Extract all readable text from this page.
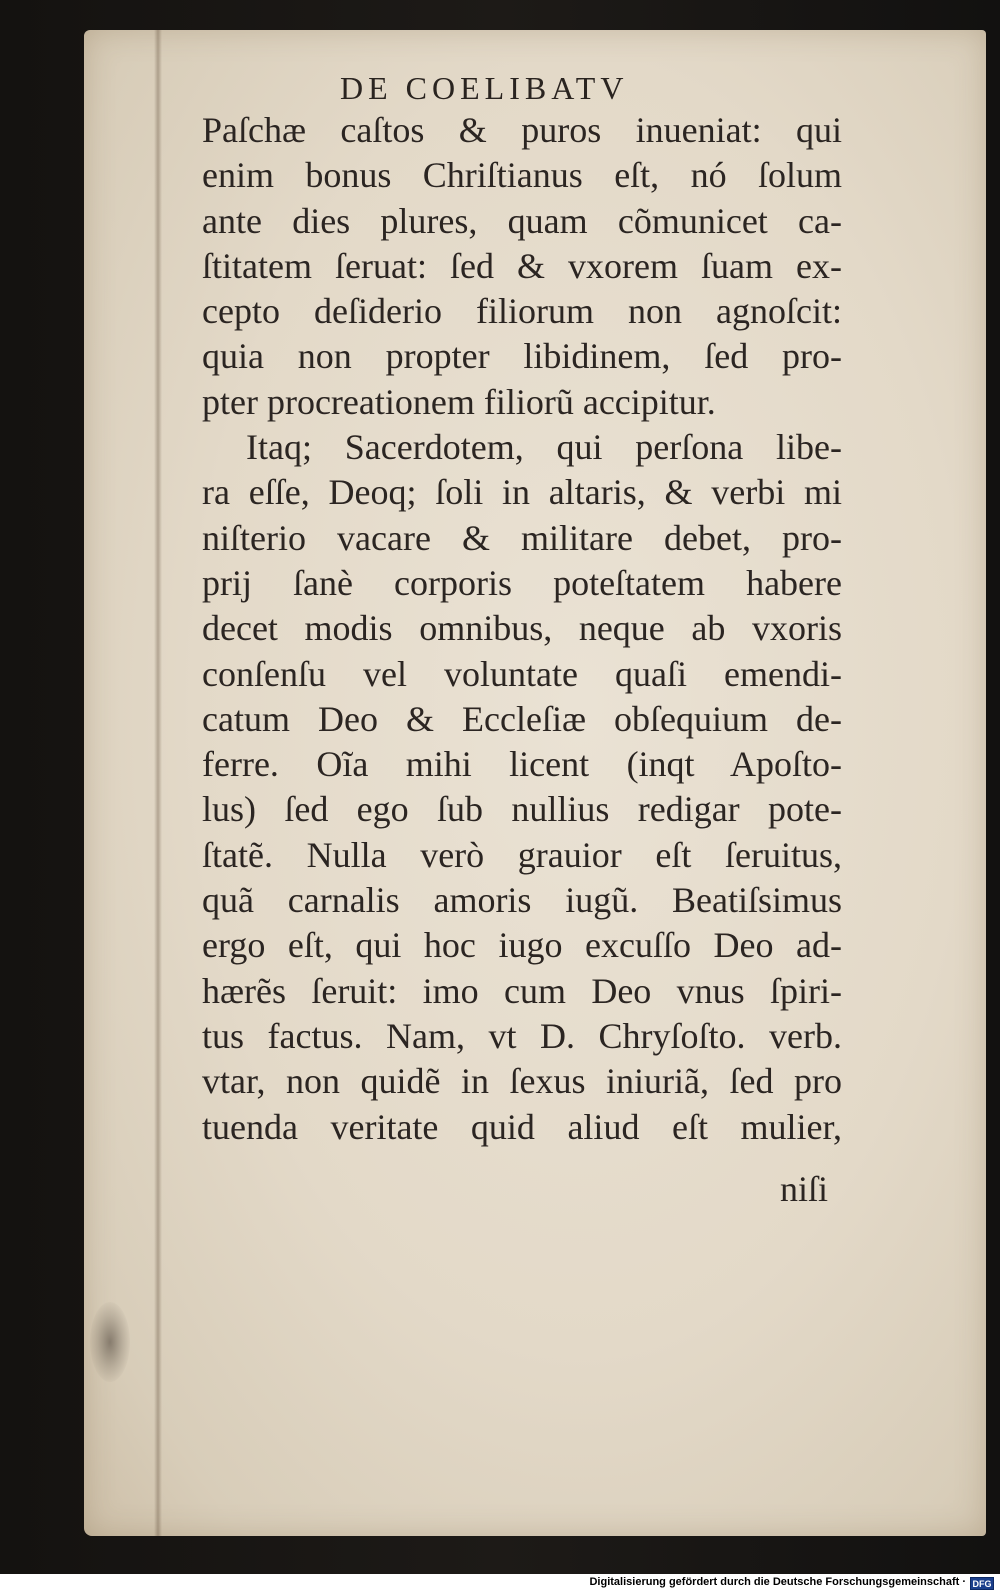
DE COELIBATV
Paſchæ caſtos & puros inueniat: qui
enim bonus Chriſtianus eſt, nó ſolum
ante dies plures, quam cõmunicet ca-
ſtitatem ſeruat: ſed & vxorem ſuam ex-
cepto deſiderio filiorum non agnoſcit:
quia non propter libidinem, ſed pro-
pter procreationem filiorũ accipitur.
Itaq; Sacerdotem, qui perſona libe-
ra eſſe, Deoq; ſoli in altaris, & verbi mi
niſterio vacare & militare debet, pro-
prij ſanè corporis poteſtatem habere
decet modis omnibus, neque ab vxoris
conſenſu vel voluntate quaſi emendi-
catum Deo & Eccleſiæ obſequium de-
ferre. Oĩa mihi licent (inqt Apoſto-
lus) ſed ego ſub nullius redigar pote-
ſtatẽ. Nulla verò grauior eſt ſeruitus,
quã carnalis amoris iugũ. Beatiſsimus
ergo eſt, qui hoc iugo excuſſo Deo ad-
hærẽs ſeruit: imo cum Deo vnus ſpiri-
tus factus. Nam, vt D. Chryſoſto. verb.
vtar, non quidẽ in ſexus iniuriã, ſed pro
tuenda veritate quid aliud eſt mulier,
niſi
Digitalisierung gefördert durch die Deutsche Forschungsgemeinschaft · DFG
